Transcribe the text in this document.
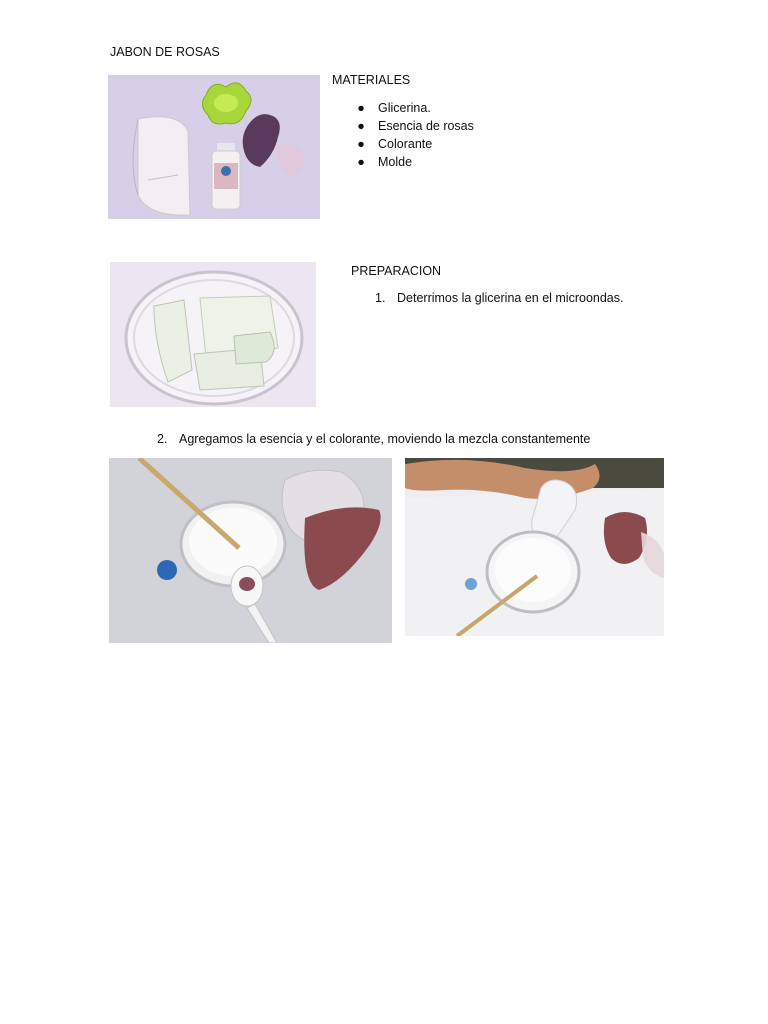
JABON DE ROSAS
MATERIALES
● Glicerina.
● Esencia de rosas
● Colorante
● Molde
PREPARACION
1. Deterrimos la glicerina en el microondas.
2. Agregamos la esencia y el colorante, moviendo la mezcla constantemente
